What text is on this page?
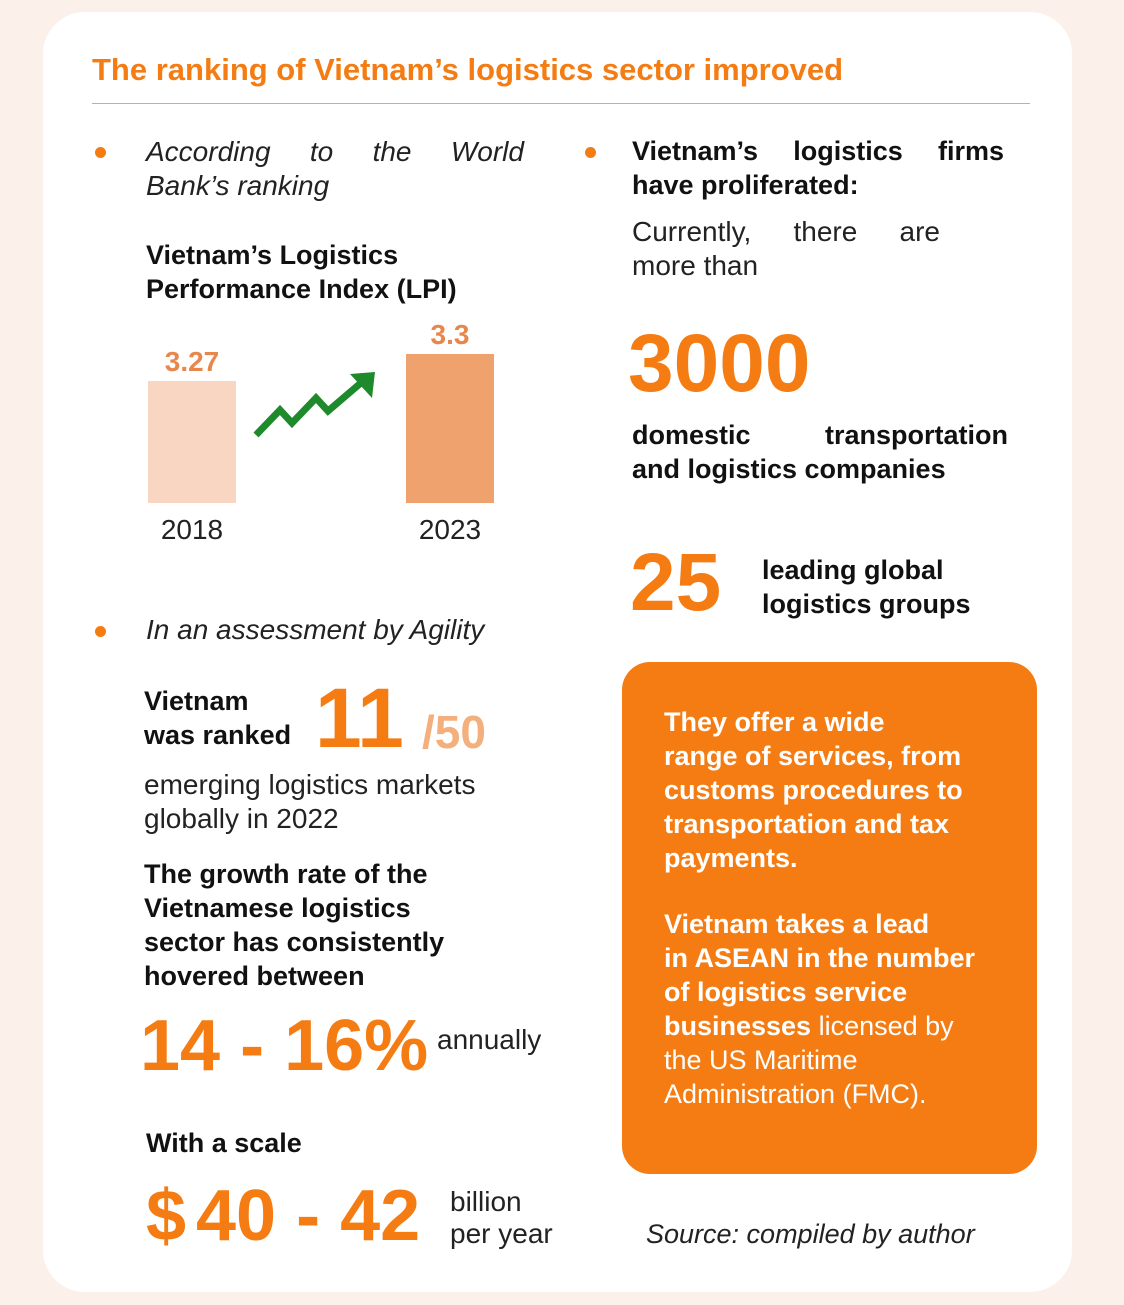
The ranking of Vietnam’s logistics sector improved
According to the World
Bank’s ranking
Vietnam’s Logistics
Performance Index (LPI)
3.27
3.3
2018	2023
In an assessment by Agility
Vietnam
was ranked 11 /50
emerging logistics markets
globally in 2022
The growth rate of the
Vietnamese logistics
sector has consistently
hovered between
14 - 16% annually
With a scale
$ 40 - 42 billion
per year
Vietnam’s logistics firms
have proliferated:
Currently, there are
more than
3000
domestic	transportation
and logistics companies
25 leading global
logistics groups
They offer a wide
range of services, from
customs procedures to
transportation and tax
payments.
Vietnam takes a lead
in ASEAN in the number
of logistics service
businesses licensed by
the US Maritime
Administration (FMC).
Source: compiled by author
